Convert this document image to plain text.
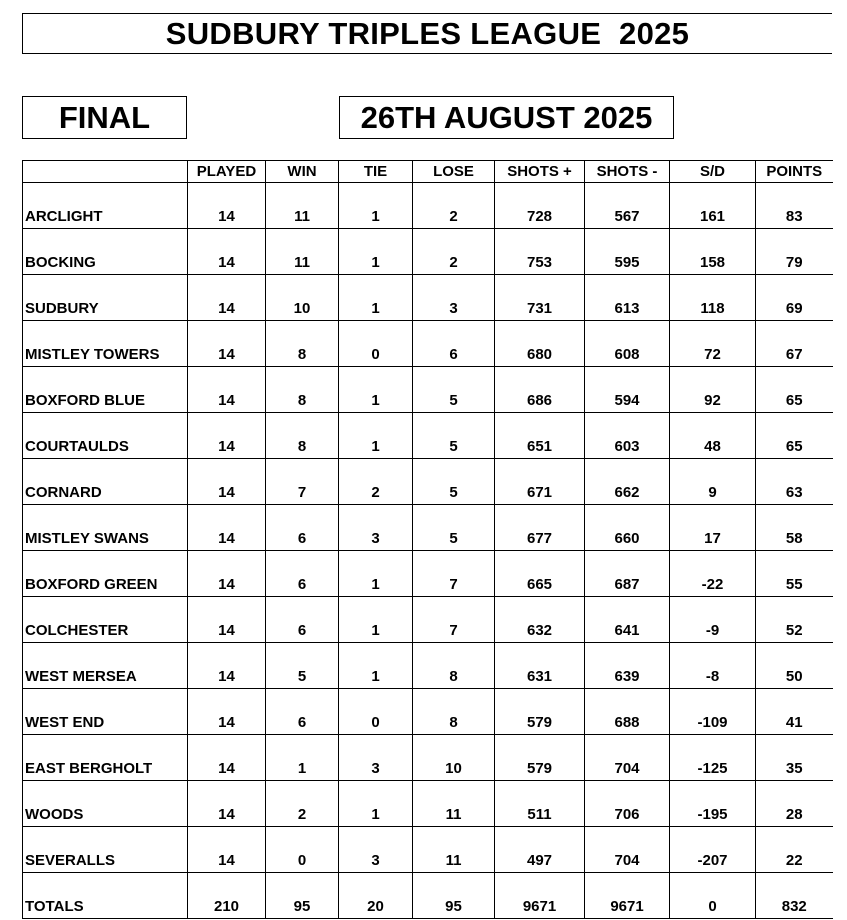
SUDBURY TRIPLES LEAGUE  2025
FINAL	26TH AUGUST 2025
	PLAYED	WIN	TIE	LOSE	SHOTS +	SHOTS -	S/D	POINTS
ARCLIGHT	14	11	1	2	728	567	161	83
BOCKING	14	11	1	2	753	595	158	79
SUDBURY	14	10	1	3	731	613	118	69
MISTLEY TOWERS	14	8	0	6	680	608	72	67
BOXFORD BLUE	14	8	1	5	686	594	92	65
COURTAULDS	14	8	1	5	651	603	48	65
CORNARD	14	7	2	5	671	662	9	63
MISTLEY SWANS	14	6	3	5	677	660	17	58
BOXFORD GREEN	14	6	1	7	665	687	-22	55
COLCHESTER	14	6	1	7	632	641	-9	52
WEST MERSEA	14	5	1	8	631	639	-8	50
WEST END	14	6	0	8	579	688	-109	41
EAST BERGHOLT	14	1	3	10	579	704	-125	35
WOODS	14	2	1	11	511	706	-195	28
SEVERALLS	14	0	3	11	497	704	-207	22
TOTALS	210	95	20	95	9671	9671	0	832
